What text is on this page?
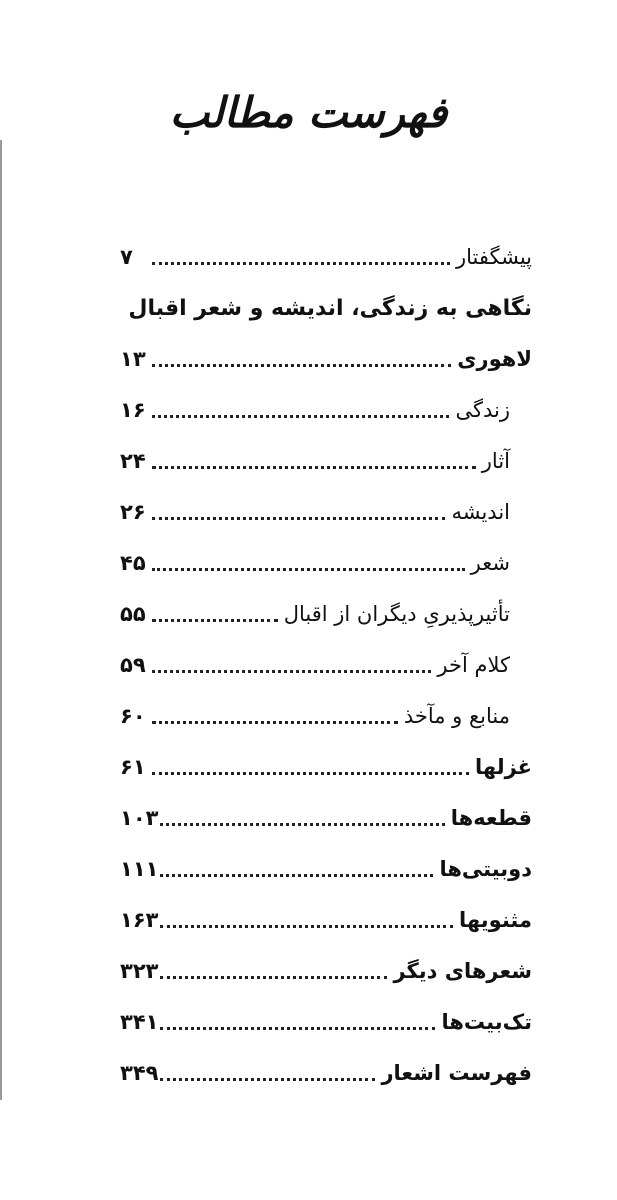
فهرست مطالب
پیشگفتار
۷
نگاهی به زندگی، اندیشه و شعر اقبال
لاهوری
۱۳
زندگی
۱۶
آثار
۲۴
اندیشه
۲۶
شعر
۴۵
تأثیرپذیریِ دیگران از اقبال
۵۵
کلام آخر
۵۹
منابع و مآخذ
۶۰
غزلها
۶۱
قطعه‌ها
۱۰۳
دوبیتی‌ها
۱۱۱
مثنویها
۱۶۳
شعرهای دیگر
۳۲۳
تک‌بیت‌ها
۳۴۱
فهرست اشعار
۳۴۹
